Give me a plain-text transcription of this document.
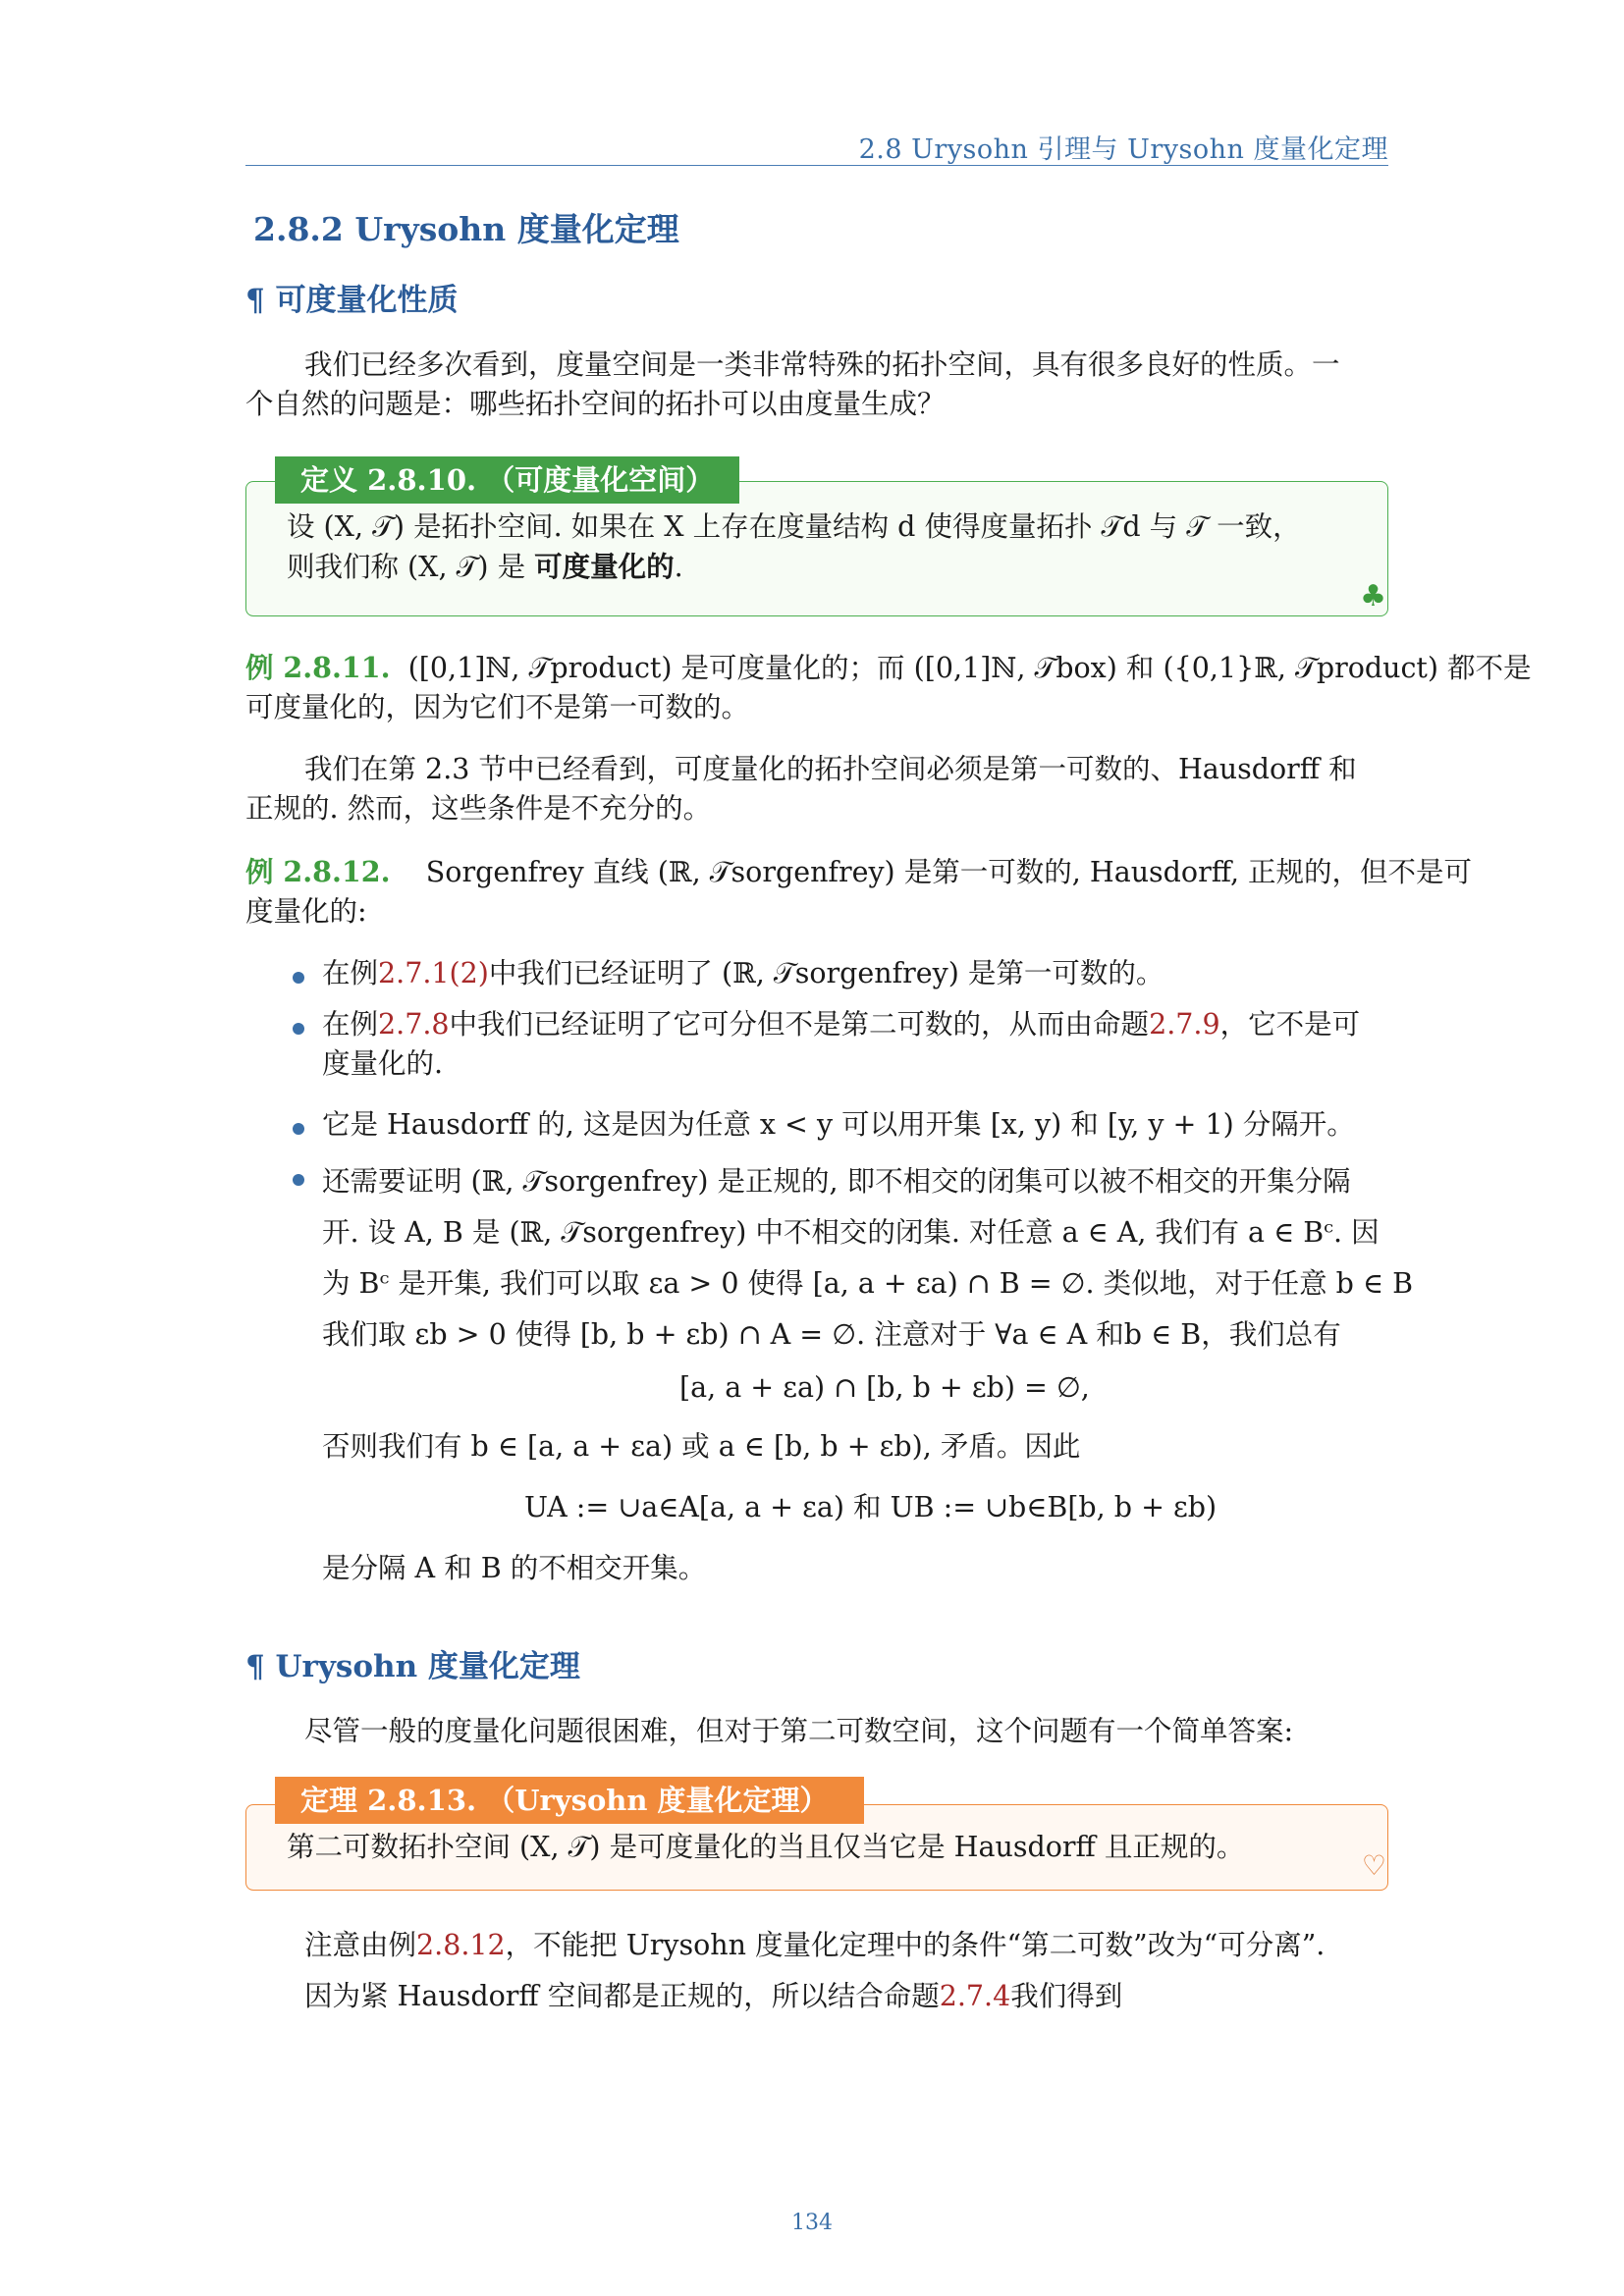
2.8 Urysohn 引理与 Urysohn 度量化定理
2.8.2 Urysohn 度量化定理
¶ 可度量化性质

我们已经多次看到，度量空间是一类非常特殊的拓扑空间，具有很多良好的性质。一

个自然的问题是：哪些拓扑空间的拓扑可以由度量生成？

定义 2.8.10. （可度量化空间）

设 (X, 𝒯) 是拓扑空间. 如果在 X 上存在度量结构 d 使得度量拓扑 𝒯d 与 𝒯 一致，

则我们称 (X, 𝒯) 是 可度量化的.

♣

例 2.8.11. ([0,1]ℕ, 𝒯product) 是可度量化的；而 ([0,1]ℕ, 𝒯box) 和 ({0,1}ℝ, 𝒯product) 都不是

可度量化的，因为它们不是第一可数的。

我们在第 2.3 节中已经看到，可度量化的拓扑空间必须是第一可数的、Hausdorff 和

正规的. 然而，这些条件是不充分的。

例 2.8.12. Sorgenfrey 直线 (ℝ, 𝒯sorgenfrey) 是第一可数的, Hausdorff, 正规的，但不是可

度量化的:

在例2.7.1(2)中我们已经证明了 (ℝ, 𝒯sorgenfrey) 是第一可数的。

在例2.7.8中我们已经证明了它可分但不是第二可数的，从而由命题2.7.9，它不是可

度量化的.

它是 Hausdorff 的, 这是因为任意 x < y 可以用开集 [x, y) 和 [y, y + 1) 分隔开。

还需要证明 (ℝ, 𝒯sorgenfrey) 是正规的, 即不相交的闭集可以被不相交的开集分隔

开. 设 A, B 是 (ℝ, 𝒯sorgenfrey) 中不相交的闭集. 对任意 a ∈ A, 我们有 a ∈ Bᶜ. 因

为 Bᶜ 是开集, 我们可以取 εa > 0 使得 [a, a + εa) ∩ B = ∅. 类似地，对于任意 b ∈ B

我们取 εb > 0 使得 [b, b + εb) ∩ A = ∅. 注意对于 ∀a ∈ A 和b ∈ B，我们总有

[a, a + εa) ∩ [b, b + εb) = ∅,
否则我们有 b ∈ [a, a + εa) 或 a ∈ [b, b + εb), 矛盾。因此
UA := ∪a∈A[a, a + εa) 和 UB := ∪b∈B[b, b + εb)
是分隔 A 和 B 的不相交开集。
¶ Urysohn 度量化定理

尽管一般的度量化问题很困难，但对于第二可数空间，这个问题有一个简单答案:

定理 2.8.13. （Urysohn 度量化定理）

第二可数拓扑空间 (X, 𝒯) 是可度量化的当且仅当它是 Hausdorff 且正规的。

♡

注意由例2.8.12，不能把 Urysohn 度量化定理中的条件“第二可数”改为“可分离”.

因为紧 Hausdorff 空间都是正规的，所以结合命题2.7.4我们得到

134
